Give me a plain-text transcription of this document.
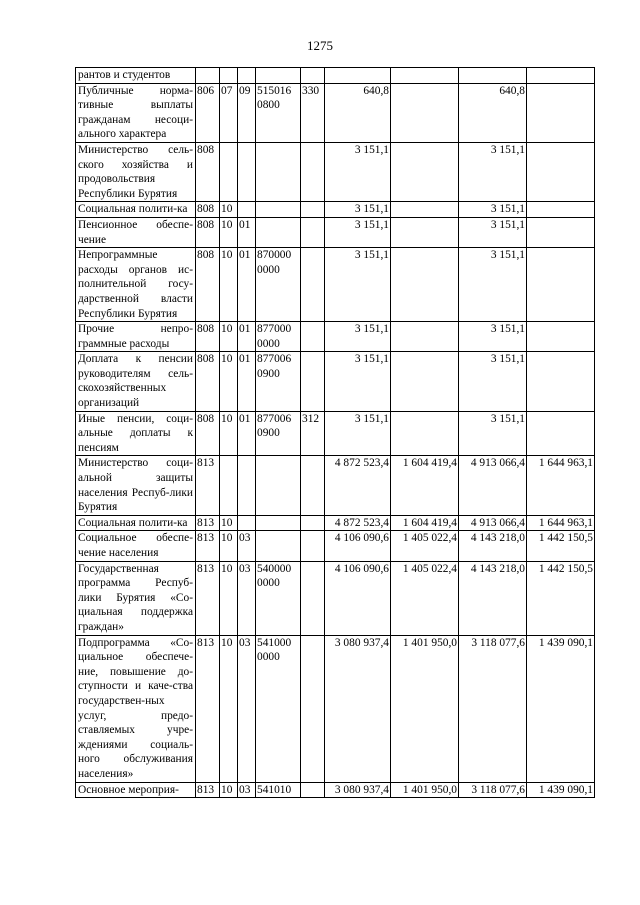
1275
рантов и студентов									
Публичные норма-тивные выплаты гражданам несоци-ального характера	806	07	09	515016 0800	330	640,8		640,8	
Министерство сель-ского хозяйства и продовольствия Республики Бурятия	808					3 151,1		3 151,1	
Социальная полити-ка	808	10				3 151,1		3 151,1	
Пенсионное обеспе-чение	808	10	01			3 151,1		3 151,1	
Непрограммные расходы органов ис-полнительной госу-дарственной власти Республики Бурятия	808	10	01	870000 0000		3 151,1		3 151,1	
Прочие непро-граммные расходы	808	10	01	877000 0000		3 151,1		3 151,1	
Доплата к пенсии руководителям сель-скохозяйственных организаций	808	10	01	877006 0900		3 151,1		3 151,1	
Иные пенсии, соци-альные доплаты к пенсиям	808	10	01	877006 0900	312	3 151,1		3 151,1	
Министерство соци-альной защиты населения Респуб-лики Бурятия	813					4 872 523,4	1 604 419,4	4 913 066,4	1 644 963,1
Социальная полити-ка	813	10				4 872 523,4	1 604 419,4	4 913 066,4	1 644 963,1
Социальное обеспе-чение населения	813	10	03			4 106 090,6	1 405 022,4	4 143 218,0	1 442 150,5
Государственная программа Респуб-лики Бурятия «Со-циальная поддержка граждан»	813	10	03	540000 0000		4 106 090,6	1 405 022,4	4 143 218,0	1 442 150,5
Подпрограмма «Со-циальное обеспече-ние, повышение до-ступности и каче-ства государствен-ных услуг, предо-ставляемых учре-ждениями социаль-ного обслуживания населения»	813	10	03	541000 0000		3 080 937,4	1 401 950,0	3 118 077,6	1 439 090,1
Основное мероприя-	813	10	03	541010		3 080 937,4	1 401 950,0	3 118 077,6	1 439 090,1
